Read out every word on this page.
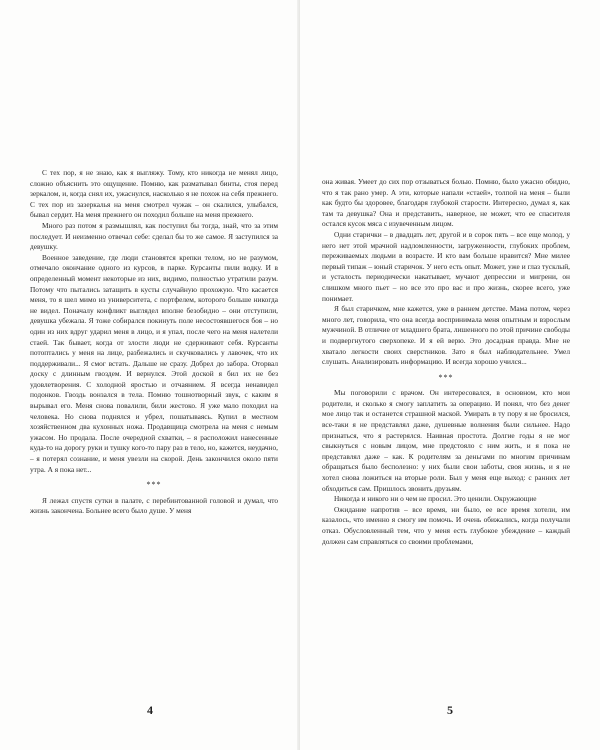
С тех пор, я не знаю, как я выгляжу. Тому, кто никогда не менял лицо, сложно объяснить это ощущение. Помню, как разматывал бинты, стоя перед зеркалом, и, когда снял их, ужаснулся, насколько я не похож на себя прежнего. С тех пор из зазеркалья на меня смотрел чужак – он скалился, улыбался, бывал сердит. На меня прежнего он походил больше на меня прежнего.

Много раз потом я размышлял, как поступил бы тогда, знай, что за этим последует. И неизменно отвечал себе: сделал бы то же самое. Я заступился за девушку.

Военное заведение, где люди становятся крепки телом, но не разумом, отмечало окончание одного из курсов, в парке. Курсанты пили водку. И в определенный момент некоторые из них, видимо, полностью утратили разум. Потому что пытались затащить в кусты случайную прохожую. Что касается меня, то я шел мимо из университета, с портфелем, которого больше никогда не видел. Поначалу конфликт выглядел вполне безобидно – они отступили, девушка убежала. Я тоже собирался покинуть поле несостоявшегося боя – но один из них вдруг ударил меня в лицо, и я упал, после чего на меня налетели стаей. Так бывает, когда от злости люди не сдерживают себя. Курсанты потоптались у меня на лице, разбежались и скучковались у лавочек, что их поддерживали... Я смог встать. Дальше не сразу. Добрел до забора. Оторвал доску с длинным гвоздем. И вернулся. Этой доской я бил их не без удовлетворения. С холодной яростью и отчаянием. Я всегда ненавидел подонков. Гвоздь вонзался в тела. Помню тошнотворный звук, с каким я вырывал его. Меня снова повалили, били жестоко. Я уже мало походил на человека. Но снова поднялся и убрел, пошатываясь. Купил в местном хозяйственном два кухонных ножа. Продавщица смотрела на меня с немым ужасом. Но продала. После очередной схватки, – я расположил нанесенные куда-то на дорогу руки и тушку кого-то пару раз в тело, но, кажется, неудачно, – я потерял сознание, и меня увезли на скорой. День закончился около пяти утра. А я пока нет...

***

Я лежал спустя сутки в палате, с перебинтованной головой и думал, что жизнь закончена. Больнее всего было душе. У меня

4

она живая. Умеет до сих пор отзываться болью. Помню, было ужасно обидно, что я так рано умер. А эти, которые напали «стаей», толпой на меня – были как будто бы здоровее, благодаря глубокой старости. Интересно, думал я, как там та девушка? Она и представить, наверное, не может, что ее спасителя остался кусок мяса с изувеченным лицом.

Одни старички – в двадцать лет, другой и в сорок пять – все еще молод, у него нет этой мрачной надломленности, загруженности, глубоких проблем, переживаемых людьми в возрасте. И кто вам больше нравится? Мне милее первый типаж – юный старичок. У него есть опыт. Может, уже и глаз тусклый, и усталость периодически накатывает, мучают депрессии и мигрени, он слишком много пьет – но все это про вас и про жизнь, скорее всего, уже понимает.

Я был старичком, мне кажется, уже в раннем детстве. Мама потом, через много лет, говорила, что она всегда воспринимала меня опытным и взрослым мужчиной. В отличие от младшего брата, лишенного по этой причине свободы и подвергнутого сверхопеке. И я ей верю. Это досадная правда. Мне не хватало легкости своих сверстников. Зато я был наблюдательнее. Умел слушать. Анализировать информацию. И всегда хорошо учился...

***

Мы поговорили с врачом. Он интересовался, в основном, кто мои родители, и сколько я смогу заплатить за операцию. И понял, что без денег мое лицо так и останется страшной маской. Умирать в ту пору я не бросился, все-таки я не представлял даже, душевные волнения были сильнее. Надо признаться, что я растерялся. Наивная простота. Долгие годы я не мог свыкнуться с новым лицом, мне предстояло с ним жить, и я пока не представлял даже – как. К родителям за деньгами по многим причинам обращаться было бесполезно: у них были свои заботы, своя жизнь, и я не хотел снова ложиться на вторые роли. Был у меня еще выход: с ранних лет обходиться сам. Пришлось звонить друзьям.

Никогда и никого ни о чем не просил. Это ценили. Окружающие

Ожидание напротив – все время, ни было, ее все время хотели, им казалось, что именно я смогу им помочь. И очень обижались, когда получали отказ. Обусловленный тем, что у меня есть глубокое убеждение – каждый должен сам справляться со своими проблемами,

5
